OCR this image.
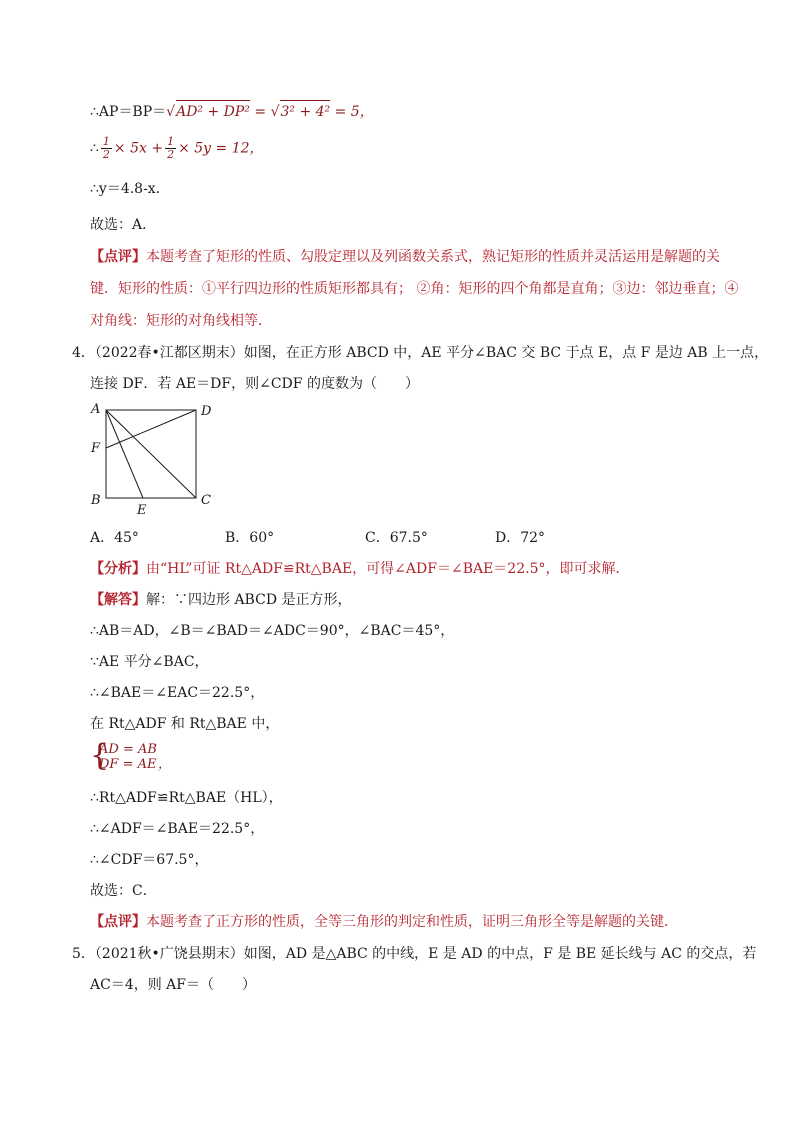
∴AP＝BP＝√AD² + DP² = √3² + 4² = 5，
∴ $\frac{1}{2} \times 5x + \frac{1}{2} \times 5y = 12$，
∴y＝4.8-x．
故选：A．
【点评】本题考查了矩形的性质、勾股定理以及列函数关系式，熟记矩形的性质并灵活运用是解题的关
键．矩形的性质：①平行四边形的性质矩形都具有； ②角：矩形的四个角都是直角；③边：邻边垂直；④
对角线：矩形的对角线相等．
4．（2022春•江都区期末）如图，在正方形 ABCD 中，AE 平分∠BAC 交 BC 于点 E，点 F 是边 AB 上一点，
连接 DF．若 AE＝DF，则∠CDF 的度数为（　　）
A	D
F
B	C
E
A．45°	B．60°	C．67.5°	D．72°
【分析】由“HL”可证 Rt△ADF≌Rt△BAE，可得∠ADF＝∠BAE＝22.5°，即可求解．
【解答】解：∵四边形 ABCD 是正方形，
∴AB＝AD，∠B＝∠BAD＝∠ADC＝90°，∠BAC＝45°，
∵AE 平分∠BAC，
∴∠BAE＝∠EAC＝22.5°，
在 Rt△ADF 和 Rt△BAE 中，
{
AD = AB
DF = AE ，
∴Rt△ADF≌Rt△BAE（HL），
∴∠ADF＝∠BAE＝22.5°，
∴∠CDF＝67.5°，
故选：C．
【点评】本题考查了正方形的性质，全等三角形的判定和性质，证明三角形全等是解题的关键．
5．（2021秋•广饶县期末）如图，AD 是△ABC 的中线，E 是 AD 的中点，F 是 BE 延长线与 AC 的交点，若
AC＝4，则 AF＝（　　）
